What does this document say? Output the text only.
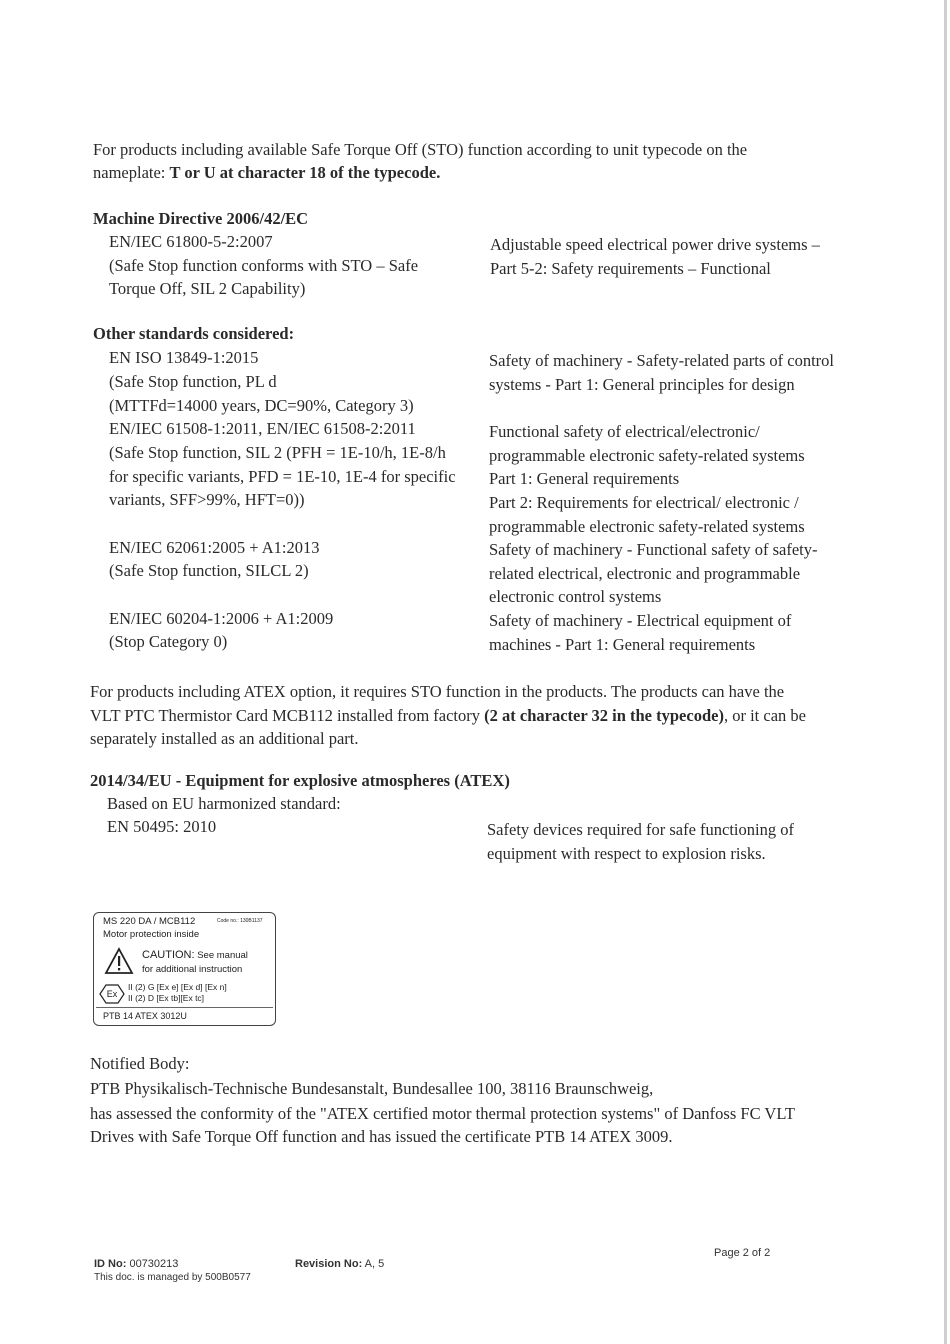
For products including available Safe Torque Off (STO) function according to unit typecode on the
nameplate: T or U at character 18 of the typecode.
Machine Directive 2006/42/EC
EN/IEC 61800-5-2:2007
(Safe Stop function conforms with STO – Safe
Torque Off, SIL 2 Capability)
Adjustable speed electrical power drive systems –
Part 5-2: Safety requirements – Functional
Other standards considered:
EN ISO 13849-1:2015
(Safe Stop function, PL d
(MTTFd=14000 years, DC=90%, Category 3)
EN/IEC 61508-1:2011, EN/IEC 61508-2:2011
(Safe Stop function, SIL 2 (PFH = 1E-10/h, 1E-8/h
for specific variants, PFD = 1E-10, 1E-4 for specific
variants, SFF>99%, HFT=0))
EN/IEC 62061:2005 + A1:2013
(Safe Stop function, SILCL 2)
EN/IEC 60204-1:2006 + A1:2009
(Stop Category 0)
Safety of machinery - Safety-related parts of control
systems - Part 1: General principles for design
Functional safety of electrical/electronic/
programmable electronic safety-related systems
Part 1: General requirements
Part 2: Requirements for electrical/ electronic /
programmable electronic safety-related systems
Safety of machinery - Functional safety of safety-
related electrical, electronic and programmable
electronic control systems
Safety of machinery - Electrical equipment of
machines - Part 1: General requirements
For products including ATEX option, it requires STO function in the products. The products can have the
VLT PTC Thermistor Card MCB112 installed from factory (2 at character 32 in the typecode), or it can be
separately installed as an additional part.
2014/34/EU - Equipment for explosive atmospheres (ATEX)
Based on EU harmonized standard:
EN 50495: 2010	Safety devices required for safe functioning of
equipment with respect to explosion risks.
MS 220 DA / MCB112	Code no.: 130B1137
Motor protection inside
CAUTION: See manual
for additional instruction
Ex
II (2) G [Ex e] [Ex d] [Ex n]
II (2) D [Ex tb][Ex tc]
PTB 14 ATEX 3012U
Notified Body:
PTB Physikalisch-Technische Bundesanstalt, Bundesallee 100, 38116 Braunschweig,
has assessed the conformity of the "ATEX certified motor thermal protection systems" of Danfoss FC VLT
Drives with Safe Torque Off function and has issued the certificate PTB 14 ATEX 3009.
ID No: 00730213
This doc. is managed by 500B0577
Revision No: A, 5
Page 2 of 2
